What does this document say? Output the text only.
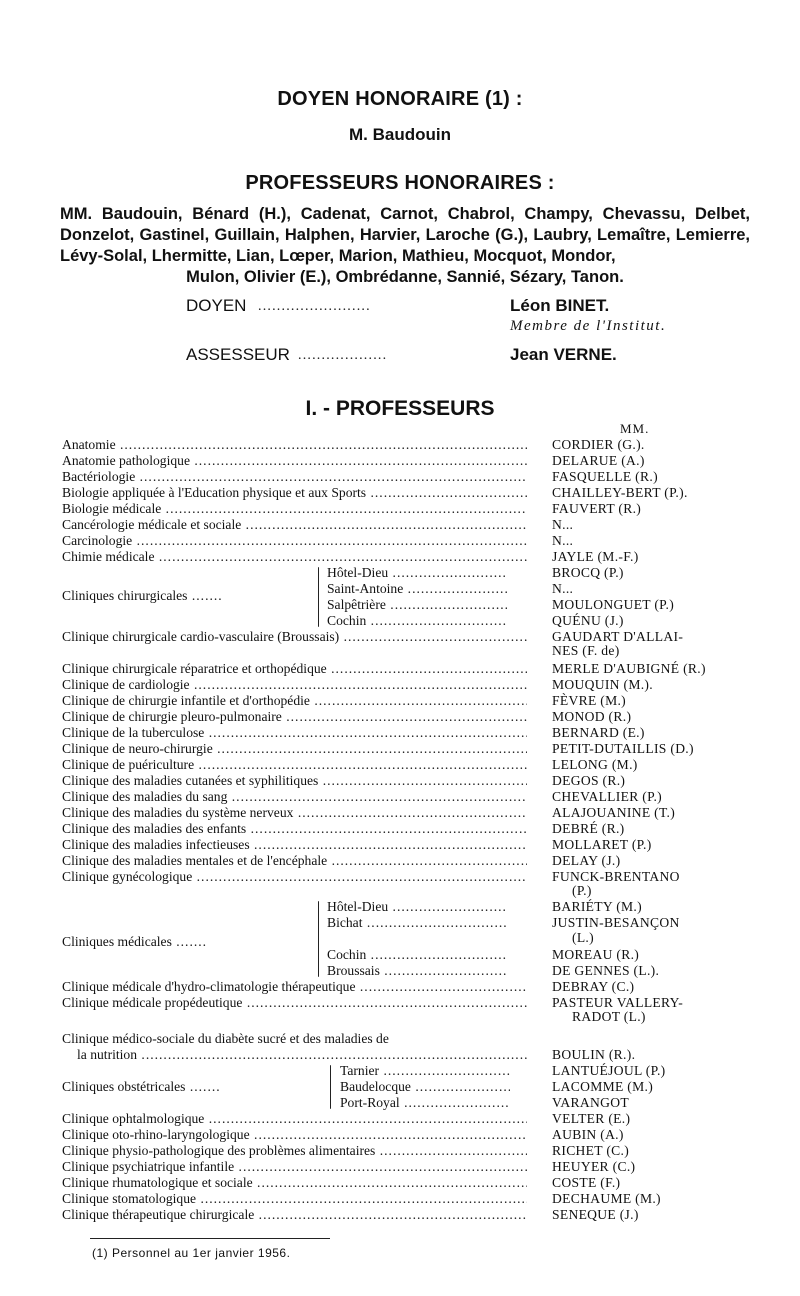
DOYEN HONORAIRE (1) :
M. Baudouin
PROFESSEURS HONORAIRES :
MM. Baudouin, Bénard (H.), Cadenat, Carnot, Chabrol, Champy, Chevassu, Delbet, Donzelot, Gastinel, Guillain, Halphen, Harvier, Laroche (G.), Laubry, Lemaître, Lemierre, Lévy-Solal, Lhermitte, Lian, Lœper, Marion, Mathieu, Mocquot, Mondor,
Mulon, Olivier (E.), Ombrédanne, Sannié, Sézary, Tanon.
DOYEN ........................	Léon BINET.
Membre de l'Institut.
ASSESSEUR ...................	Jean VERNE.
I. - PROFESSEURS
MM.
Anatomie .....	CORDIER (G.).
Anatomie pathologique .....	DELARUE (A.)
Bactériologie .....	FASQUELLE (R.)
Biologie appliquée à l'Education physique et aux Sports .....	CHAILLEY-BERT (P.).
Biologie médicale .....	FAUVERT (R.)
Cancérologie médicale et sociale .....	N...
Carcinologie .....	N...
Chimie médicale .....	JAYLE (M.-F.)
Cliniques chirurgicales .......
Hôtel-Dieu .....	BROCQ (P.)
Saint-Antoine .....	N...
Salpêtrière .....	MOULONGUET (P.)
Cochin .....	QUÉNU (J.)
Clinique chirurgicale cardio-vasculaire (Broussais) .....	GAUDART D'ALLAI-
NES (F. de)
Clinique chirurgicale réparatrice et orthopédique .....	MERLE D'AUBIGNÉ (R.)
Clinique de cardiologie .....	MOUQUIN (M.).
Clinique de chirurgie infantile et d'orthopédie .....	FÈVRE (M.)
Clinique de chirurgie pleuro-pulmonaire .....	MONOD (R.)
Clinique de la tuberculose .....	BERNARD (E.)
Clinique de neuro-chirurgie .....	PETIT-DUTAILLIS (D.)
Clinique de puériculture .....	LELONG (M.)
Clinique des maladies cutanées et syphilitiques .....	DEGOS (R.)
Clinique des maladies du sang .....	CHEVALLIER (P.)
Clinique des maladies du système nerveux .....	ALAJOUANINE (T.)
Clinique des maladies des enfants .....	DEBRÉ (R.)
Clinique des maladies infectieuses .....	MOLLARET (P.)
Clinique des maladies mentales et de l'encéphale .....	DELAY (J.)
Clinique gynécologique .....	FUNCK-BRENTANO
(P.)
Cliniques médicales .......
Hôtel-Dieu .....	BARIÉTY (M.)
Bichat .....	JUSTIN-BESANÇON
(L.)
Cochin .....	MOREAU (R.)
Broussais .....	DE GENNES (L.).
Clinique médicale d'hydro-climatologie thérapeutique .....	DEBRAY (C.)
Clinique médicale propédeutique .....	PASTEUR VALLERY-
RADOT (L.)
Clinique médico-sociale du diabète sucré et des maladies de
la nutrition .....	BOULIN (R.).
Cliniques obstétricales .......
Tarnier .....	LANTUÉJOUL (P.)
Baudelocque .....	LACOMME (M.)
Port-Royal .....	VARANGOT
Clinique ophtalmologique .....	VELTER (E.)
Clinique oto-rhino-laryngologique .....	AUBIN (A.)
Clinique physio-pathologique des problèmes alimentaires .....	RICHET (C.)
Clinique psychiatrique infantile .....	HEUYER (C.)
Clinique rhumatologique et sociale .....	COSTE (F.)
Clinique stomatologique .....	DECHAUME (M.)
Clinique thérapeutique chirurgicale .....	SENEQUE (J.)
(1) Personnel au 1er janvier 1956.
